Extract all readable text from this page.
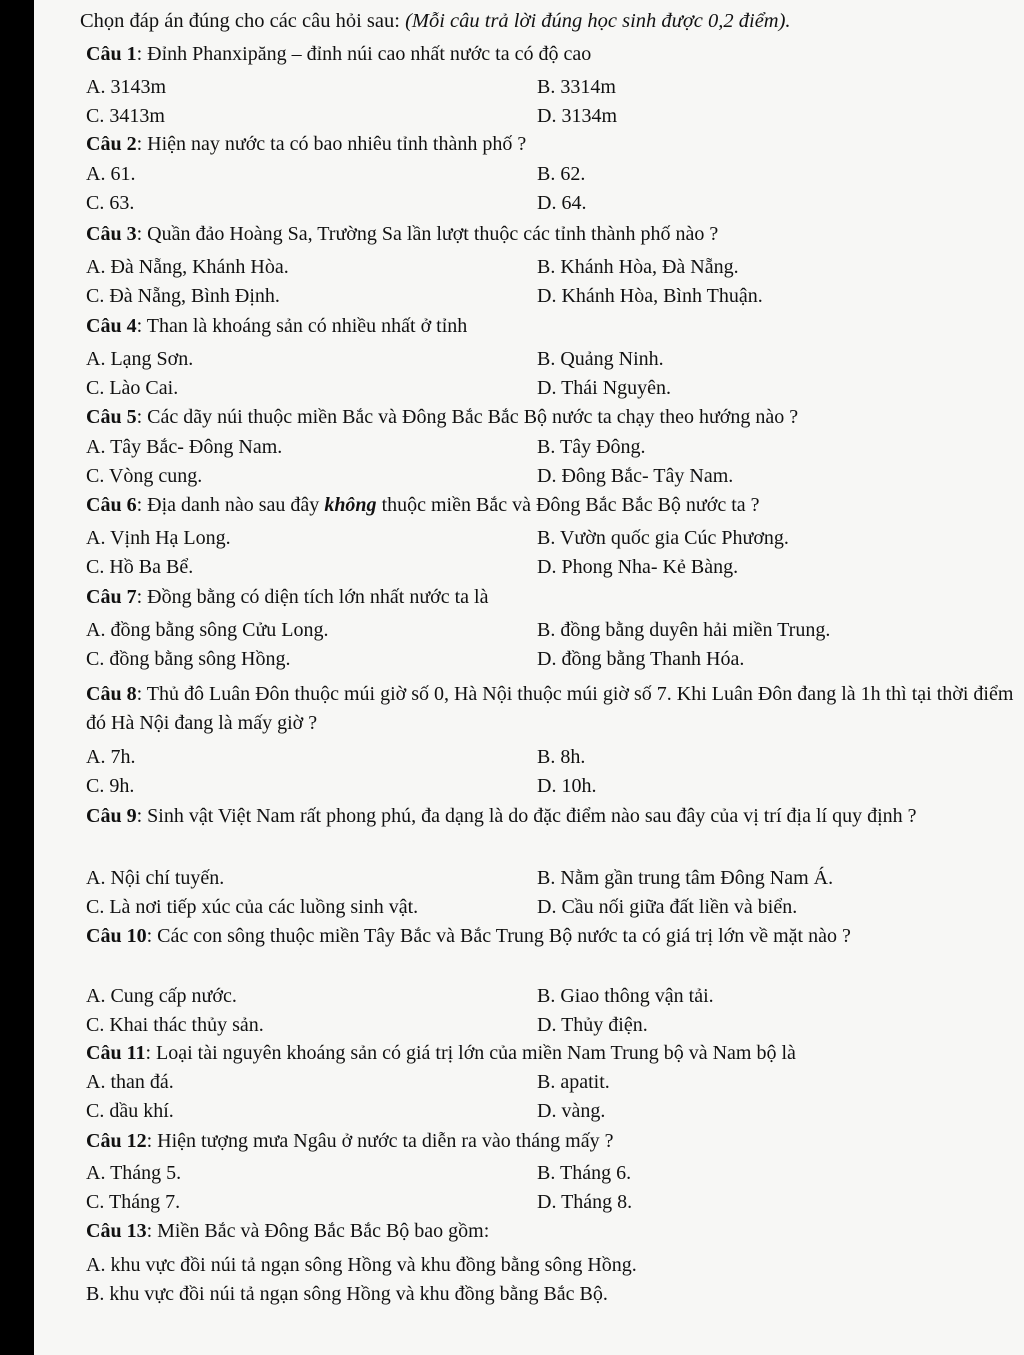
Chọn đáp án đúng cho các câu hỏi sau: (Mỗi câu trả lời đúng học sinh được 0,2 điểm).
Câu 1: Đỉnh Phanxipăng – đỉnh núi cao nhất nước ta có độ cao
A. 3143m	B. 3314m
C. 3413m	D. 3134m
Câu 2: Hiện nay nước ta có bao nhiêu tỉnh thành phố ?
A. 61.	B. 62.
C. 63.	D. 64.
Câu 3: Quần đảo Hoàng Sa, Trường Sa lần lượt thuộc các tỉnh thành phố nào ?
A. Đà Nẵng, Khánh Hòa.	B. Khánh Hòa, Đà Nẵng.
C. Đà Nẵng, Bình Định.	D. Khánh Hòa, Bình Thuận.
Câu 4: Than là khoáng sản có nhiều nhất ở tỉnh
A. Lạng Sơn.	B. Quảng Ninh.
C. Lào Cai.	D. Thái Nguyên.
Câu 5: Các dãy núi thuộc miền Bắc và Đông Bắc Bắc Bộ nước ta chạy theo hướng nào ?
A. Tây Bắc- Đông Nam.	B. Tây Đông.
C. Vòng cung.	D. Đông Bắc- Tây Nam.
Câu 6: Địa danh nào sau đây không thuộc miền Bắc và Đông Bắc Bắc Bộ nước ta ?
A. Vịnh Hạ Long.	B. Vườn quốc gia Cúc Phương.
C. Hồ Ba Bể.	D. Phong Nha- Kẻ Bàng.
Câu 7: Đồng bằng có diện tích lớn nhất nước ta là
A. đồng bằng sông Cửu Long.	B. đồng bằng duyên hải miền Trung.
C. đồng bằng sông Hồng.	D. đồng bằng Thanh Hóa.
Câu 8: Thủ đô Luân Đôn thuộc múi giờ số 0, Hà Nội thuộc múi giờ số 7. Khi Luân Đôn đang là 1h thì tại thời điểm đó Hà Nội đang là mấy giờ ?
A. 7h.	B. 8h.
C. 9h.	D. 10h.
Câu 9: Sinh vật Việt Nam rất phong phú, đa dạng là do đặc điểm nào sau đây của vị trí địa lí quy định ?
A. Nội chí tuyến.	B. Nằm gần trung tâm Đông Nam Á.
C. Là nơi tiếp xúc của các luồng sinh vật.	D. Cầu nối giữa đất liền và biển.
Câu 10: Các con sông thuộc miền Tây Bắc và Bắc Trung Bộ nước ta có giá trị lớn về mặt nào ?
A. Cung cấp nước.	B. Giao thông vận tải.
C. Khai thác thủy sản.	D. Thủy điện.
Câu 11: Loại tài nguyên khoáng sản có giá trị lớn của miền Nam Trung bộ và Nam bộ là
A. than đá.	B. apatit.
C. dầu khí.	D. vàng.
Câu 12: Hiện tượng mưa Ngâu ở nước ta diễn ra vào tháng mấy ?
A. Tháng 5.	B. Tháng 6.
C. Tháng 7.	D. Tháng 8.
Câu 13: Miền Bắc và Đông Bắc Bắc Bộ bao gồm:
A. khu vực đồi núi tả ngạn sông Hồng và khu đồng bằng sông Hồng.
B. khu vực đồi núi tả ngạn sông Hồng và khu đồng bằng Bắc Bộ.
